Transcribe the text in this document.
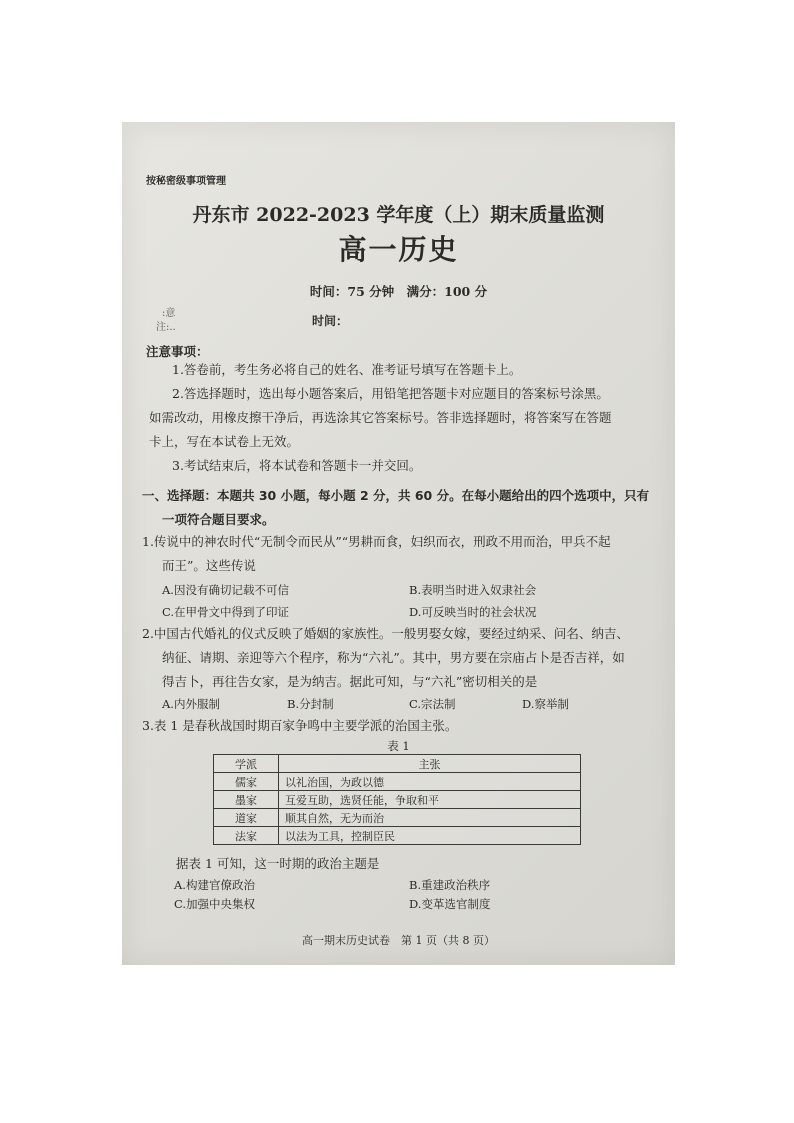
按秘密级事项管理
丹东市 2022-2023 学年度（上）期末质量监测
高一历史
时间：75 分钟　满分：100 分
:意
注:..	时间：
注意事项：
1.答卷前，考生务必将自己的姓名、准考证号填写在答题卡上。
2.答选择题时，选出每小题答案后，用铅笔把答题卡对应题目的答案标号涂黑。
如需改动，用橡皮擦干净后，再选涂其它答案标号。答非选择题时，将答案写在答题
卡上，写在本试卷上无效。
3.考试结束后，将本试卷和答题卡一并交回。
一、选择题：本题共 30 小题，每小题 2 分，共 60 分。在每小题给出的四个选项中，只有
一项符合题目要求。
1.传说中的神农时代“无制令而民从”“男耕而食，妇织而衣，刑政不用而治，甲兵不起
而王”。这些传说
A.因没有确切记载不可信	B.表明当时进入奴隶社会
C.在甲骨文中得到了印证	D.可反映当时的社会状况
2.中国古代婚礼的仪式反映了婚姻的家族性。一般男娶女嫁，要经过纳采、问名、纳吉、
纳征、请期、亲迎等六个程序，称为“六礼”。其中，男方要在宗庙占卜是否吉祥，如
得吉卜，再往告女家，是为纳吉。据此可知，与“六礼”密切相关的是
A.内外服制	B.分封制	C.宗法制	D.察举制
3.表 1 是春秋战国时期百家争鸣中主要学派的治国主张。
表 1
学派	主张
儒家	以礼治国，为政以德
墨家	互爱互助，选贤任能，争取和平
道家	顺其自然，无为而治
法家	以法为工具，控制臣民
据表 1 可知，这一时期的政治主题是
A.构建官僚政治	B.重建政治秩序
C.加强中央集权	D.变革选官制度
高一期末历史试卷　第 1 页（共 8 页）
